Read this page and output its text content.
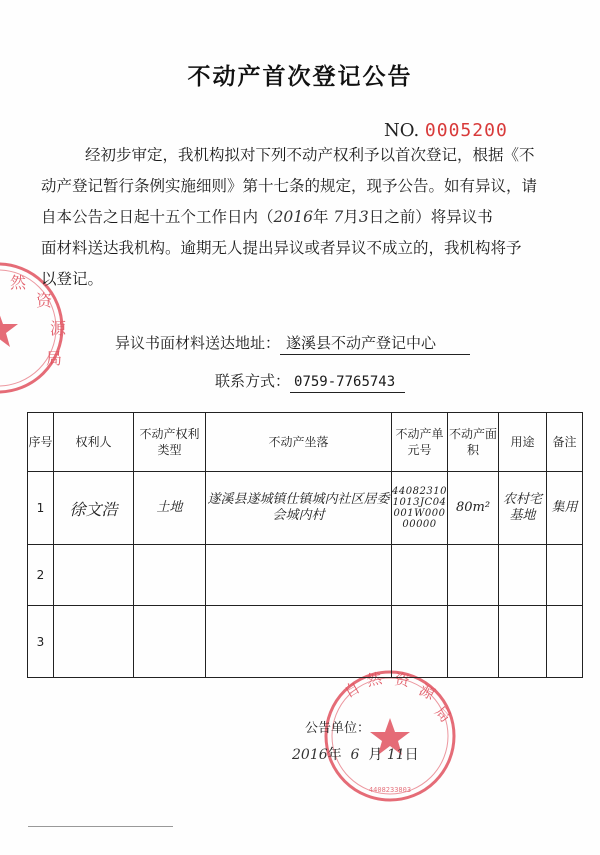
然
资
源
局
自 然 资
源
局
4408233803
不动产首次登记公告
NO. 0005200
经初步审定，我机构拟对下列不动产权利予以首次登记，根据《不
动产登记暂行条例实施细则》第十七条的规定，现予公告。如有异议，请
自本公告之日起十五个工作日内（2016年 7月3日之前）将异议书
面材料送达我机构。逾期无人提出异议或者异议不成立的，我机构将予
以登记。
异议书面材料送达地址： 遂溪县不动产登记中心
联系方式： 0759-7765743
序号	权利人	不动产权利类型	不动产坐落	不动产单元号	不动产面积	用途	备注
1	徐文浩	土地	遂溪县遂城镇仕镇城内社区居委会城内村	440823101013JC04001W00000000	80m²	农村宅基地	集用
2							
3							
公告单位：
2016年 6 月 11日
